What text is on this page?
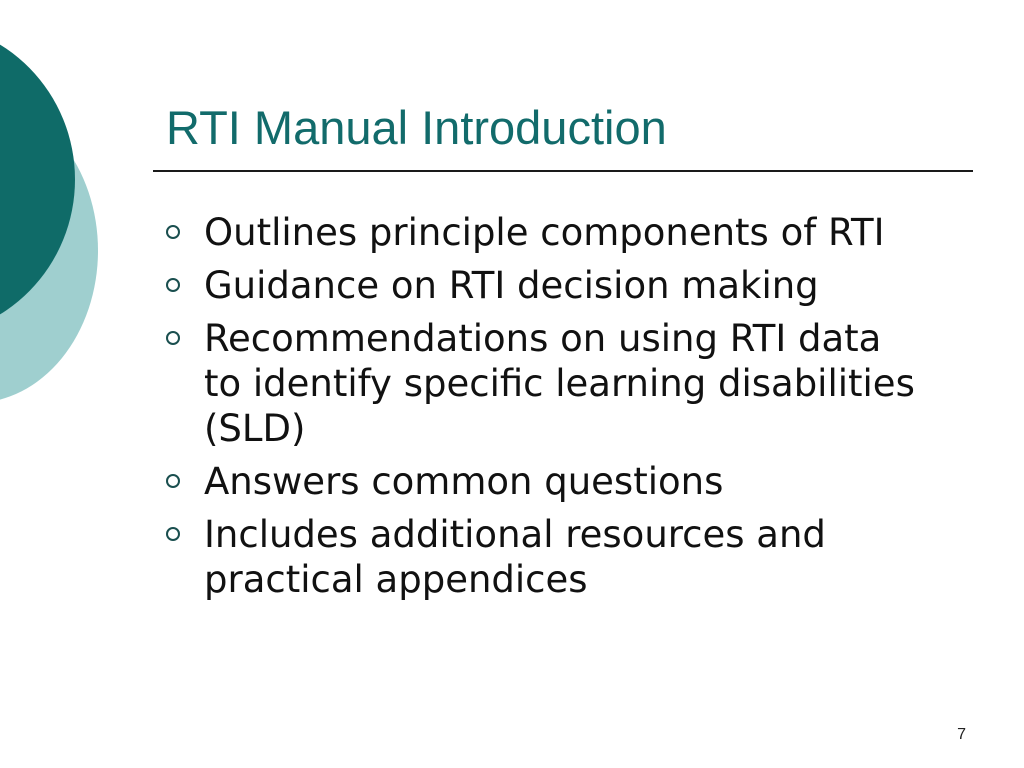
RTI Manual Introduction
Outlines principle components of RTI
Guidance on RTI decision making
Recommendations on using RTI data to identify specific learning disabilities (SLD)
Answers common questions
Includes additional resources and practical appendices
7
